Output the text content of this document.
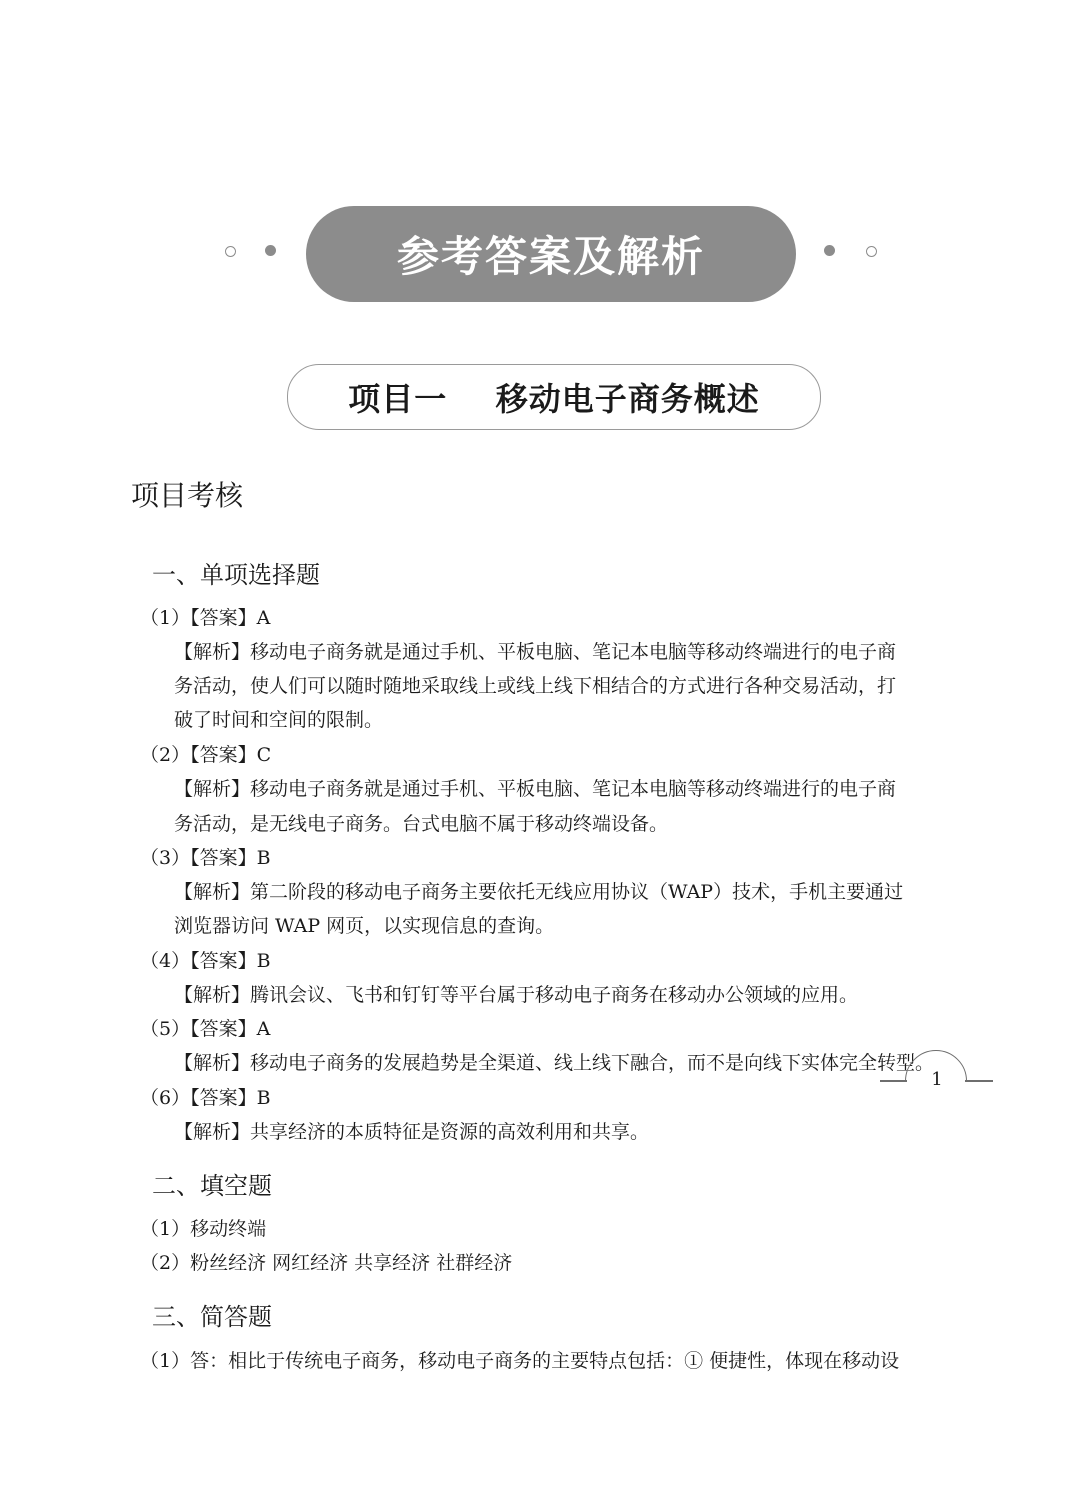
参考答案及解析
项目一    移动电子商务概述
项目考核
一、单项选择题
（1）【答案】A
【解析】移动电子商务就是通过手机、平板电脑、笔记本电脑等移动终端进行的电子商
务活动，使人们可以随时随地采取线上或线上线下相结合的方式进行各种交易活动，打
破了时间和空间的限制。
（2）【答案】C
【解析】移动电子商务就是通过手机、平板电脑、笔记本电脑等移动终端进行的电子商
务活动，是无线电子商务。台式电脑不属于移动终端设备。
（3）【答案】B
【解析】第二阶段的移动电子商务主要依托无线应用协议（WAP）技术，手机主要通过
浏览器访问 WAP 网页，以实现信息的查询。
（4）【答案】B
【解析】腾讯会议、飞书和钉钉等平台属于移动电子商务在移动办公领域的应用。
（5）【答案】A
【解析】移动电子商务的发展趋势是全渠道、线上线下融合，而不是向线下实体完全转型。
（6）【答案】B
【解析】共享经济的本质特征是资源的高效利用和共享。
二、填空题
（1）移动终端
（2）粉丝经济 网红经济 共享经济 社群经济
三、简答题
（1）答：相比于传统电子商务，移动电子商务的主要特点包括：① 便捷性，体现在移动设
1
